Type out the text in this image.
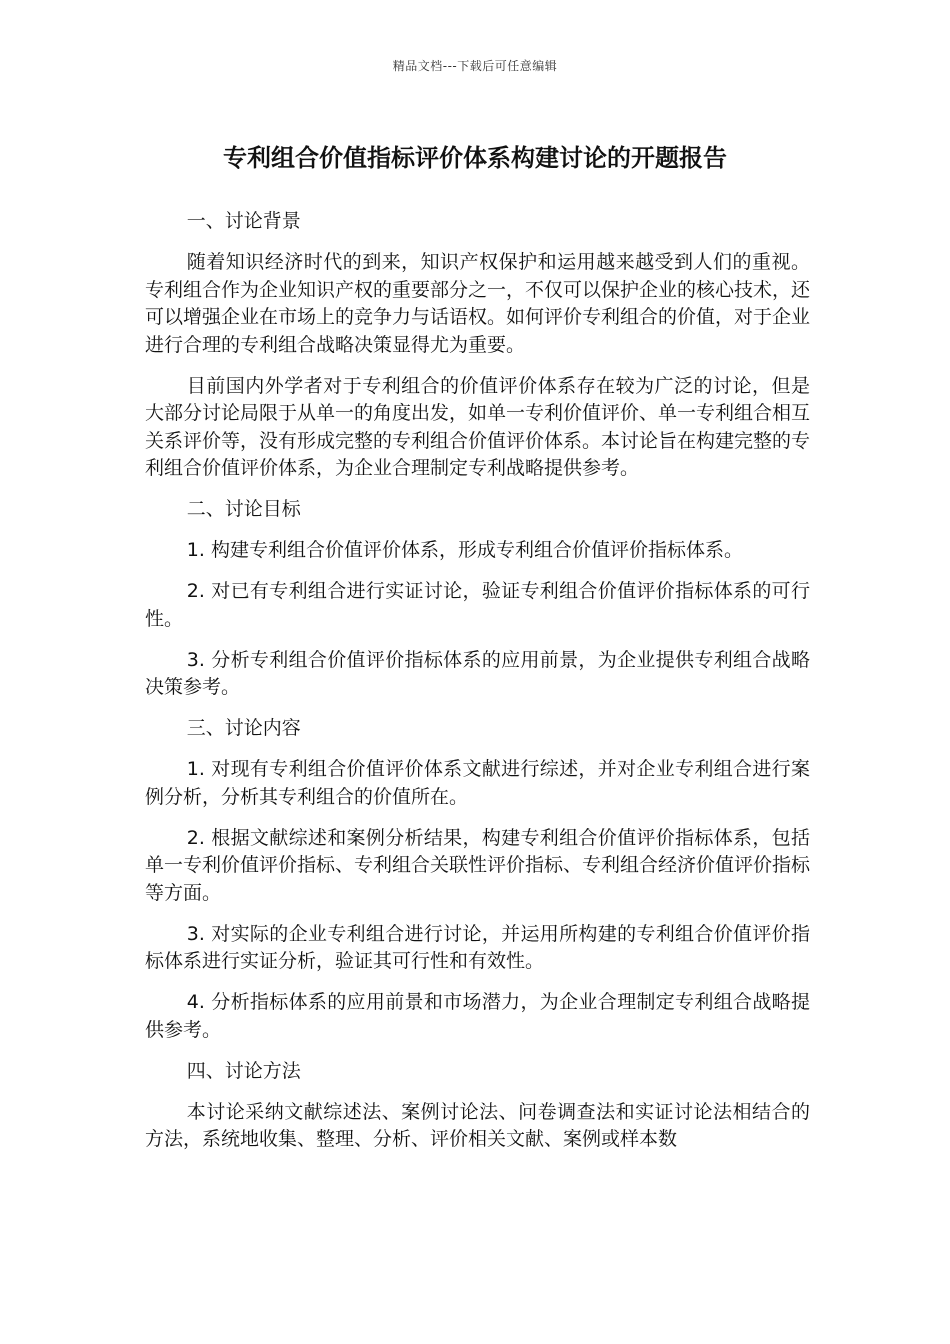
精品文档---下载后可任意编辑
专利组合价值指标评价体系构建讨论的开题报告
一、讨论背景

随着知识经济时代的到来，知识产权保护和运用越来越受到人们的重视。专利组合作为企业知识产权的重要部分之一，不仅可以保护企业的核心技术，还可以增强企业在市场上的竞争力与话语权。如何评价专利组合的价值，对于企业进行合理的专利组合战略决策显得尤为重要。

目前国内外学者对于专利组合的价值评价体系存在较为广泛的讨论，但是大部分讨论局限于从单一的角度出发，如单一专利价值评价、单一专利组合相互关系评价等，没有形成完整的专利组合价值评价体系。本讨论旨在构建完整的专利组合价值评价体系，为企业合理制定专利战略提供参考。

二、讨论目标

1. 构建专利组合价值评价体系，形成专利组合价值评价指标体系。

2. 对已有专利组合进行实证讨论，验证专利组合价值评价指标体系的可行性。

3. 分析专利组合价值评价指标体系的应用前景，为企业提供专利组合战略决策参考。

三、讨论内容

1. 对现有专利组合价值评价体系文献进行综述，并对企业专利组合进行案例分析，分析其专利组合的价值所在。

2. 根据文献综述和案例分析结果，构建专利组合价值评价指标体系，包括单一专利价值评价指标、专利组合关联性评价指标、专利组合经济价值评价指标等方面。

3. 对实际的企业专利组合进行讨论，并运用所构建的专利组合价值评价指标体系进行实证分析，验证其可行性和有效性。

4. 分析指标体系的应用前景和市场潜力，为企业合理制定专利组合战略提供参考。

四、讨论方法

本讨论采纳文献综述法、案例讨论法、问卷调查法和实证讨论法相结合的方法，系统地收集、整理、分析、评价相关文献、案例或样本数
